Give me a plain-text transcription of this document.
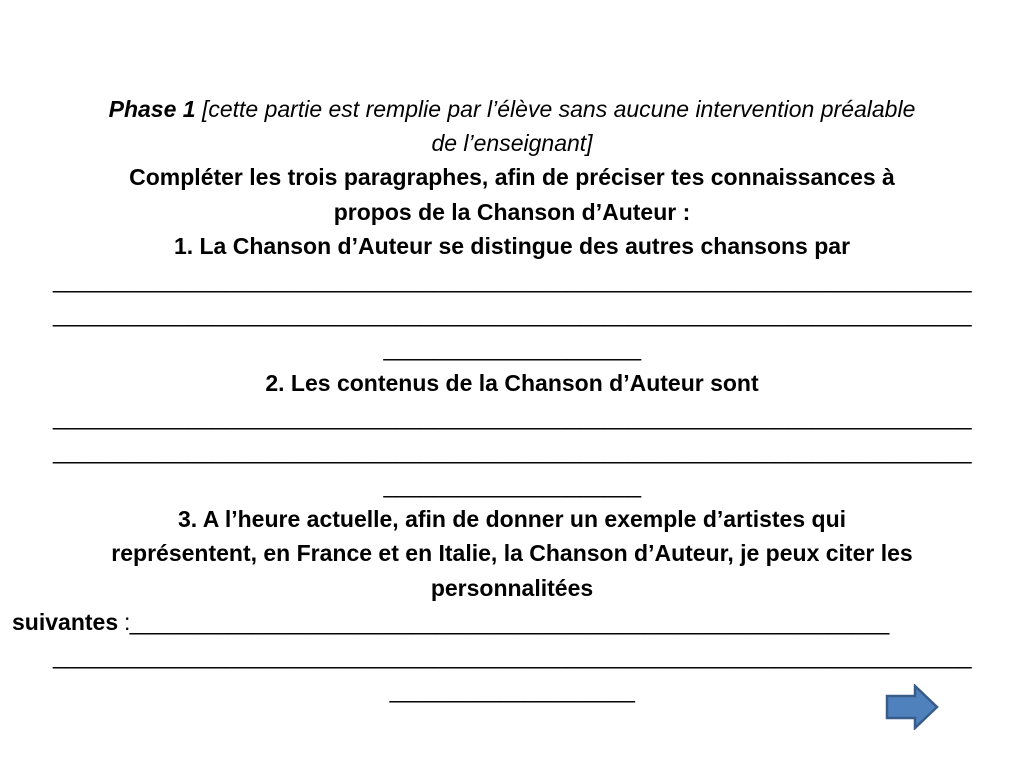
Phase 1 [cette partie est remplie par l’élève sans aucune intervention préalable
de l’enseignant]
Compléter les trois paragraphes, afin de préciser tes connaissances à
propos de la Chanson d’Auteur :
1. La Chanson d’Auteur se distingue des autres chansons par
___________________________________________________________________________
___________________________________________________________________________
_____________________
2. Les contenus de la Chanson d’Auteur sont
___________________________________________________________________________
___________________________________________________________________________
_____________________
3. A l’heure actuelle, afin de donner un exemple d’artistes qui
représentent, en France et en Italie, la Chanson d’Auteur, je peux citer les
personnalitées
suivantes :______________________________________________________________
___________________________________________________________________________
____________________
